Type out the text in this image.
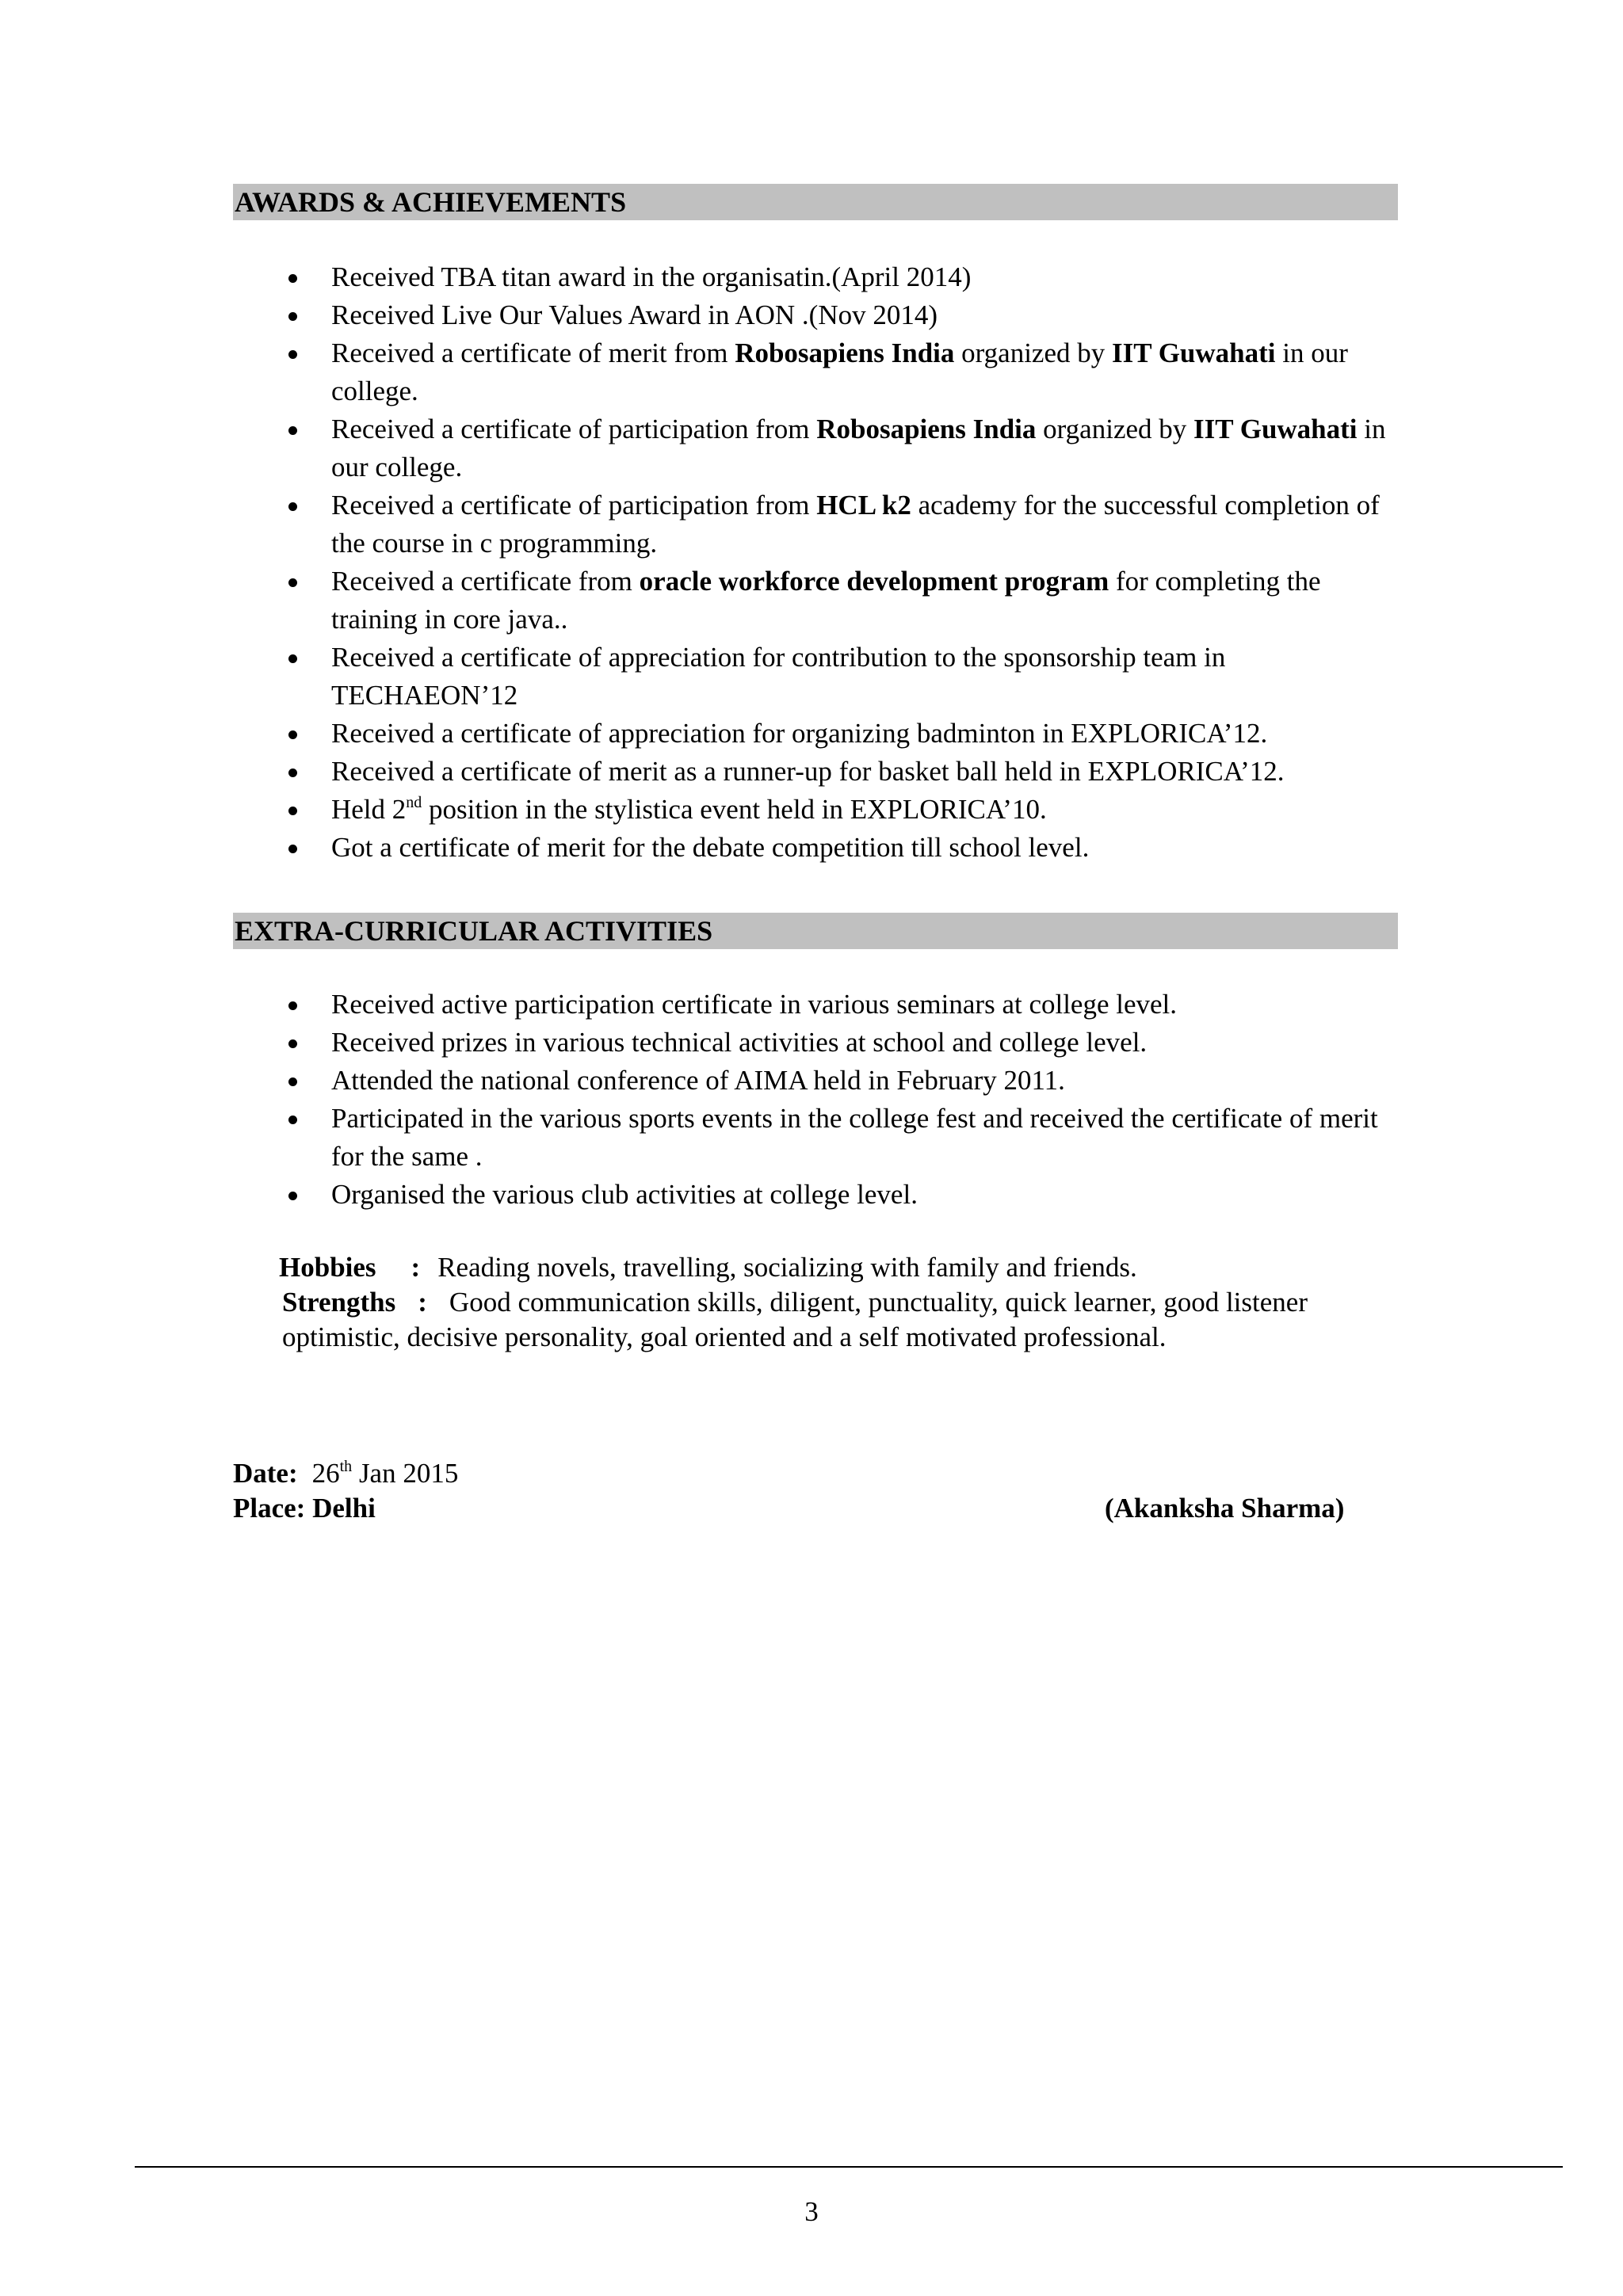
AWARDS & ACHIEVEMENTS
Received TBA titan award in the organisatin.(April 2014)
Received Live Our Values Award in AON .(Nov 2014)
Received a certificate of merit from Robosapiens India organized by IIT Guwahati in our college.
Received a certificate of participation from Robosapiens India organized by IIT Guwahati in our college.
Received a certificate of participation from HCL k2 academy for the successful completion of the course in c programming.
Received a certificate from oracle workforce development program for completing the training in core java..
Received a certificate of appreciation for contribution to the sponsorship team in TECHAEON’12
Received a certificate of appreciation for organizing badminton in EXPLORICA’12.
Received a certificate of merit as a runner-up for basket ball held in EXPLORICA’12.
Held 2nd position in the stylistica event held in EXPLORICA’10.
Got a certificate of merit for the debate competition till school level.
EXTRA-CURRICULAR ACTIVITIES
Received active participation certificate in various seminars at college level.
Received prizes in various technical activities at school and college level.
Attended the national conference of AIMA held in February 2011.
Participated in the various sports events in the college fest and received the certificate of merit for the same .
Organised the various club activities at college level.
Hobbies : Reading novels, travelling, socializing with family and friends.
Strengths : Good communication skills, diligent, punctuality, quick learner, good listener
optimistic, decisive personality, goal oriented and a self motivated professional.
Date: 26th Jan 2015
Place: Delhi	(Akanksha Sharma)
3
